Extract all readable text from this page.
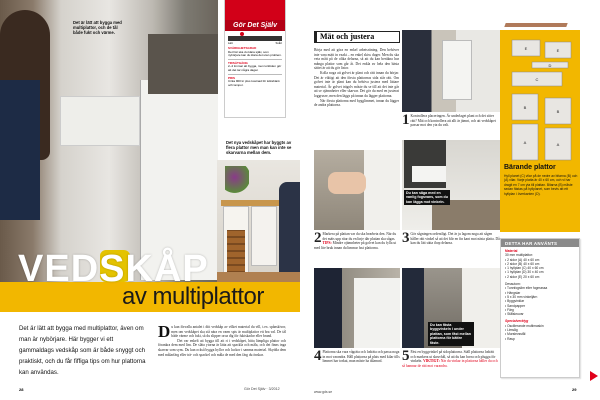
Det är lätt att bygga med multiplattor, och de tål både fukt och värme.
Gör Det Själv
Lätt	Svårt
SVÅRIGHETSGRAD
Det här ska du klara själv, som nybörjare kan du klara det utan problem.
TIDSÅTGÅNG
2–4 timmar att bygga, men torktiden gör att det tar några dagar.
PRIS
Cirka 900 kr plus kostnad för köksbänk och lampor.
Det nya vedskåpet har byggts av flera plattor men man kan inte se skarvarna mellan dem.
VEDSKÅP
av multiplattor
Det är lätt att bygga med multiplattor, även om man är nybörjare. Här bygger vi ett gammaldags vedskåp som är både snyggt och praktiskt, och du får fiffiga tips om hur plattorna kan användas.
D u kan förvalla antalet i ditt vedskåp av vilket material du vill, t.ex. spånskivor, men om vedskåpet ska stå nära en varm spis är multiplattor ett bra val. De tål både värme och fukt, så du slipper oroa dig för fuktskador eller brand.

Det var enkelt att bygga till att ri i vedskåpet, hitta lämpliga plattor och förankra dem med lim. De släta ytorna är lätta att spackla och måla, och det finns inga skarvar som syns. Du kan också bygga hyllor och luckor i samma material. Skydda dem med målarfärg eller trä- och spackel och måla de med den färg du önskar.

28	Gör Det Själv · 3/2012
Mät och justera

Börja med att göra en enkel arbetsritning. Den behöver inte vara mätt in exakt – en enkel skiss duger. Men du ska veta mått på de olika delarna, så att du kan beräkna hur många plattor som går åt. Det enkla av hela den bästa sättet är att du gör listor.

Kolla noga att golvet är plant och rätt innan du börjar. Det är viktigt att den första plattornas sida står rätt. Om golvet inte är plant kan du behöva justera med lättare material. Är golvet trägolv måste du se till att det inte går att se ojämnheter eller skarvar. Det gör du med en justerat loggrusre, men den läggs på innan du lägger plattorna.

När första plattorna med bygglimmet, innan du lägger de andra plattorna.

1 Kontrollera placeringen. Är underlaget plant och det sitter rätt? Mät och kontrollera att allt är jämnt, och att vedskåpet passar mot den yta du valt.
Du kan såga med en vanlig fogsvans, som du kan lägga mot vinkeln.
2 Markera på plattan var du ska bearbeta den. När du det mäts upp ritar du en linje där plattan ska sågas. TIPS: Mindre ojämnheter på golvet kan du fylla ut med lite bruk innan du limmar fast plattorna.
3 Gör sågningen ordentligt. Det är ju lagom noga att sågen håller rätt vinkel så att det blir en fin kant mot nästa platta. Då kan du lätt sätta ihop delarna.
Du kan fästa byggvinkeln i under plattan, som fäst mellan plattorna för bättre fäste.
4 Plattorna ska vara vågräta och lodräta och passa noga in mot varandra. Håll plattorna på plats med kilar tills limmet har torkat, man måste ha tålamod.	5 Fäst en byggvinkel på sidoplattorna. Ställ plattorna lodrätt och markera ut skruvhål, så att du kan borra och plugga för vinkeln. VIKTIGT: När du vinkar in plattorna håller du och så hamnar de rätt mot varandra.
www.gds.se
E	E
D
C
B
B
A	A
Bärande plattor
Hyll planet (C) vilar på de nedre av bitarna (B) och (A) vilar. Varje platta är 40 x 60 cm, och vi har dragit en 7 cm yta till plattan. Bitarna (B) måste sedan fästas på hyllplanet, som bevis att ett hyllplan i överkanten (D).
DETTA HAR ANVÄNTS
Material
30 mm multiplattor:
• 2 sidor (A) 40 x 60 cm
• 2 sidor (B) 40 x 60 cm
• 1 hyllplan (C) 40 x 60 cm
• 1 hyllplan (D) 30 x 40 cm
• 2 sidor (E) 20 x 60 cm
Dessutom:
• Tunnfogslim eller fogmassa
• Hängslar
• 5 x 30 mm vinkeljärn
• Byggvinklar
• Sandpapper
• Färg
• Stålskruvar
Specialverktyg
• Oscillerande multimaskin
• Limsåg
• Murslevsstål
• Rasp
29
